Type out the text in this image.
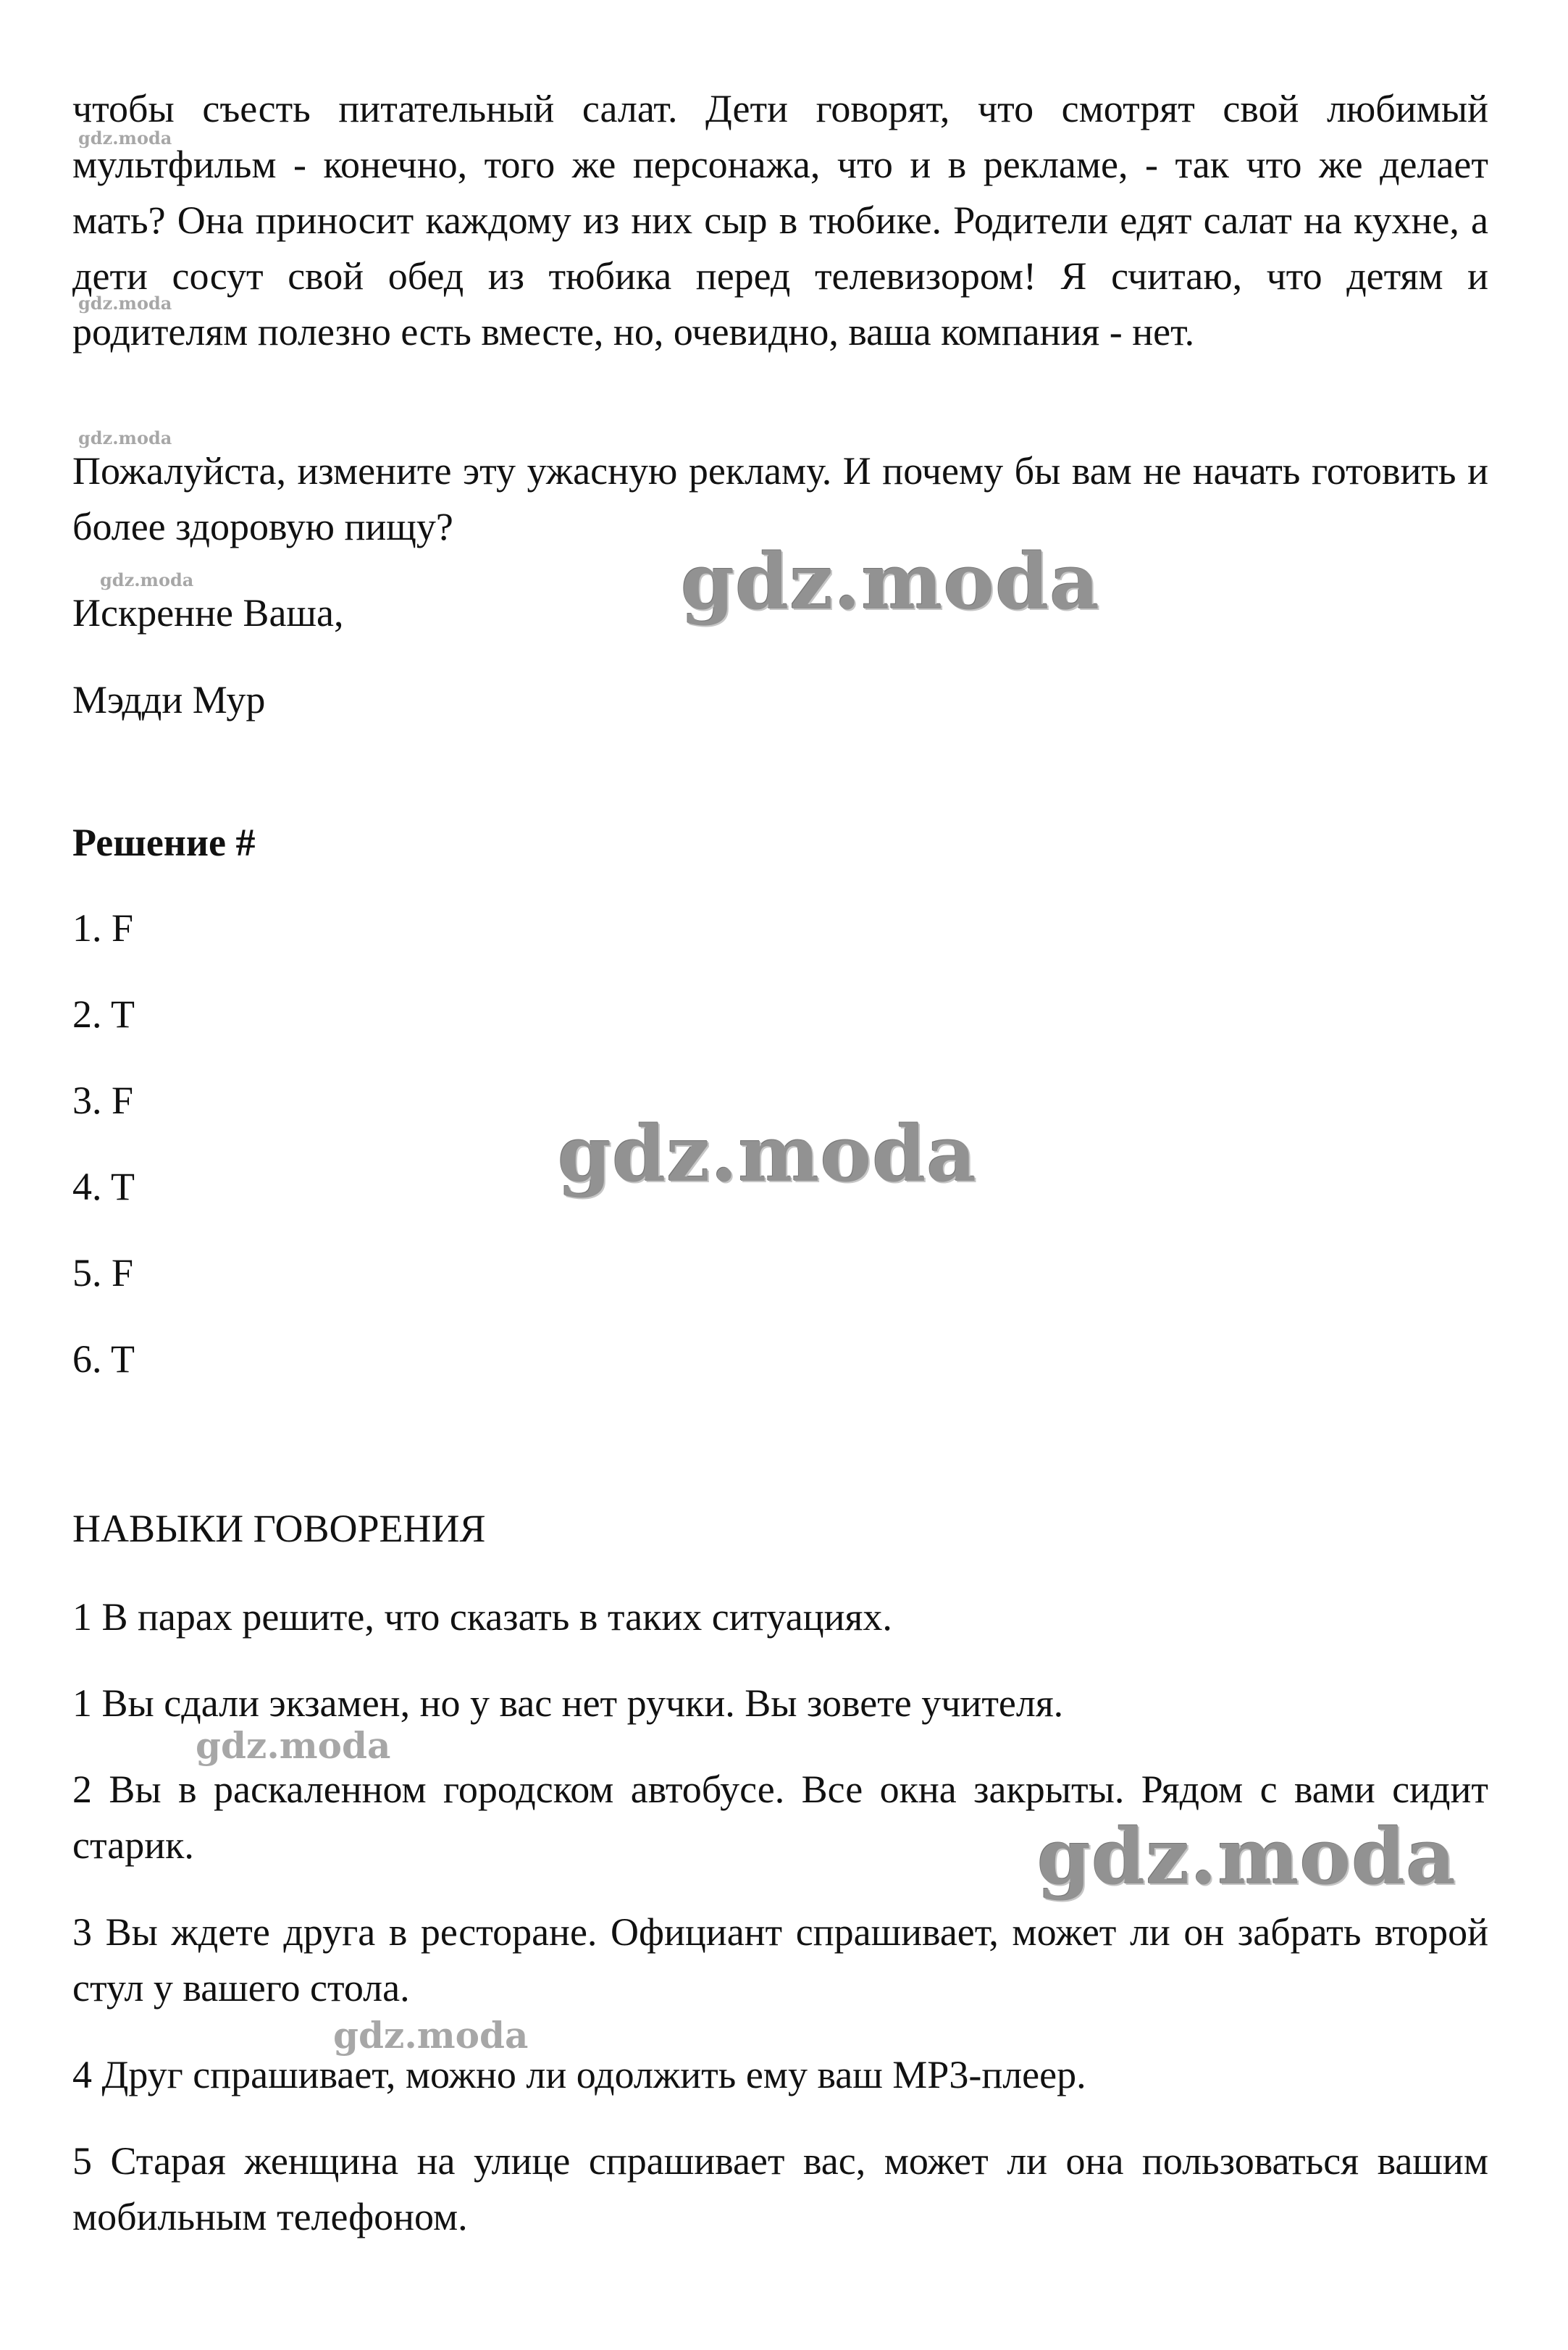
чтобы съесть питательный салат. Дети говорят, что смотрят свой любимый мультфильм - конечно, того же персонажа, что и в рекламе, - так что же делает мать? Она приносит каждому из них сыр в тюбике. Родители едят салат на кухне, а дети сосут свой обед из тюбика перед телевизором! Я считаю, что детям и родителям полезно есть вместе, но, очевидно, ваша компания - нет.

Пожалуйста, измените эту ужасную рекламу. И почему бы вам не начать готовить и более здоровую пищу?

Искренне Ваша,

Мэдди Мур

Решение #

1. F

2. T

3. F

4. T

5. F

6. T

НАВЫКИ ГОВОРЕНИЯ

1 В парах решите, что сказать в таких ситуациях.

1 Вы сдали экзамен, но у вас нет ручки. Вы зовете учителя.

2 Вы в раскаленном городском автобусе. Все окна закрыты. Рядом с вами сидит старик.

3 Вы ждете друга в ресторане. Официант спрашивает, может ли он забрать второй стул у вашего стола.

4 Друг спрашивает, можно ли одолжить ему ваш MP3-плеер.

5 Старая женщина на улице спрашивает вас, может ли она пользоваться вашим мобильным телефоном.

gdz.moda
gdz.moda
gdz.moda
gdz.moda	gdz.moda
gdz.moda
gdz.moda
gdz.moda
gdz.moda
